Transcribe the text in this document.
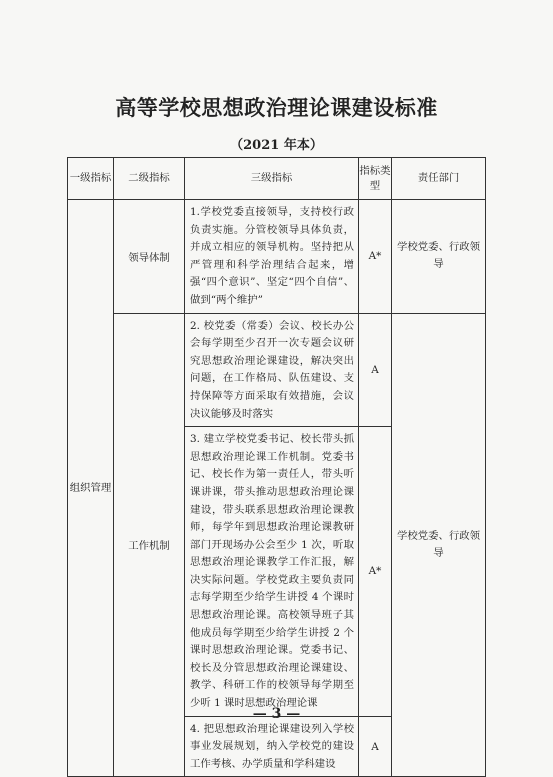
高等学校思想政治理论课建设标准
（2021 年本）
一级指标	二级指标	三级指标	指标类型	责任部门
组织管理	领导体制	1.学校党委直接领导，支持校行政负责实施。分管校领导具体负责，并成立相应的领导机构。坚持把从严管理和科学治理结合起来，增强“四个意识”、坚定“四个自信”、做到“两个维护”	A*	学校党委、行政领导
	工作机制	2. 校党委（常委）会议、校长办公会每学期至少召开一次专题会议研究思想政治理论课建设，解决突出问题，在工作格局、队伍建设、支持保障等方面采取有效措施，会议决议能够及时落实	A	学校党委、行政领导
		3. 建立学校党委书记、校长带头抓思想政治理论课工作机制。党委书记、校长作为第一责任人，带头听课讲课，带头推动思想政治理论课建设，带头联系思想政治理论课教师，每学年到思想政治理论课教研部门开现场办公会至少 1 次，听取思想政治理论课教学工作汇报，解决实际问题。学校党政主要负责同志每学期至少给学生讲授 4 个课时思想政治理论课。高校领导班子其他成员每学期至少给学生讲授 2 个课时思想政治理论课。党委书记、校长及分管思想政治理论课建设、教学、科研工作的校领导每学期至少听 1 课时思想政治理论课	A*	
		4. 把思想政治理论课建设列入学校事业发展规划，纳入学校党的建设工作考核、办学质量和学科建设	A	
— 3 —
